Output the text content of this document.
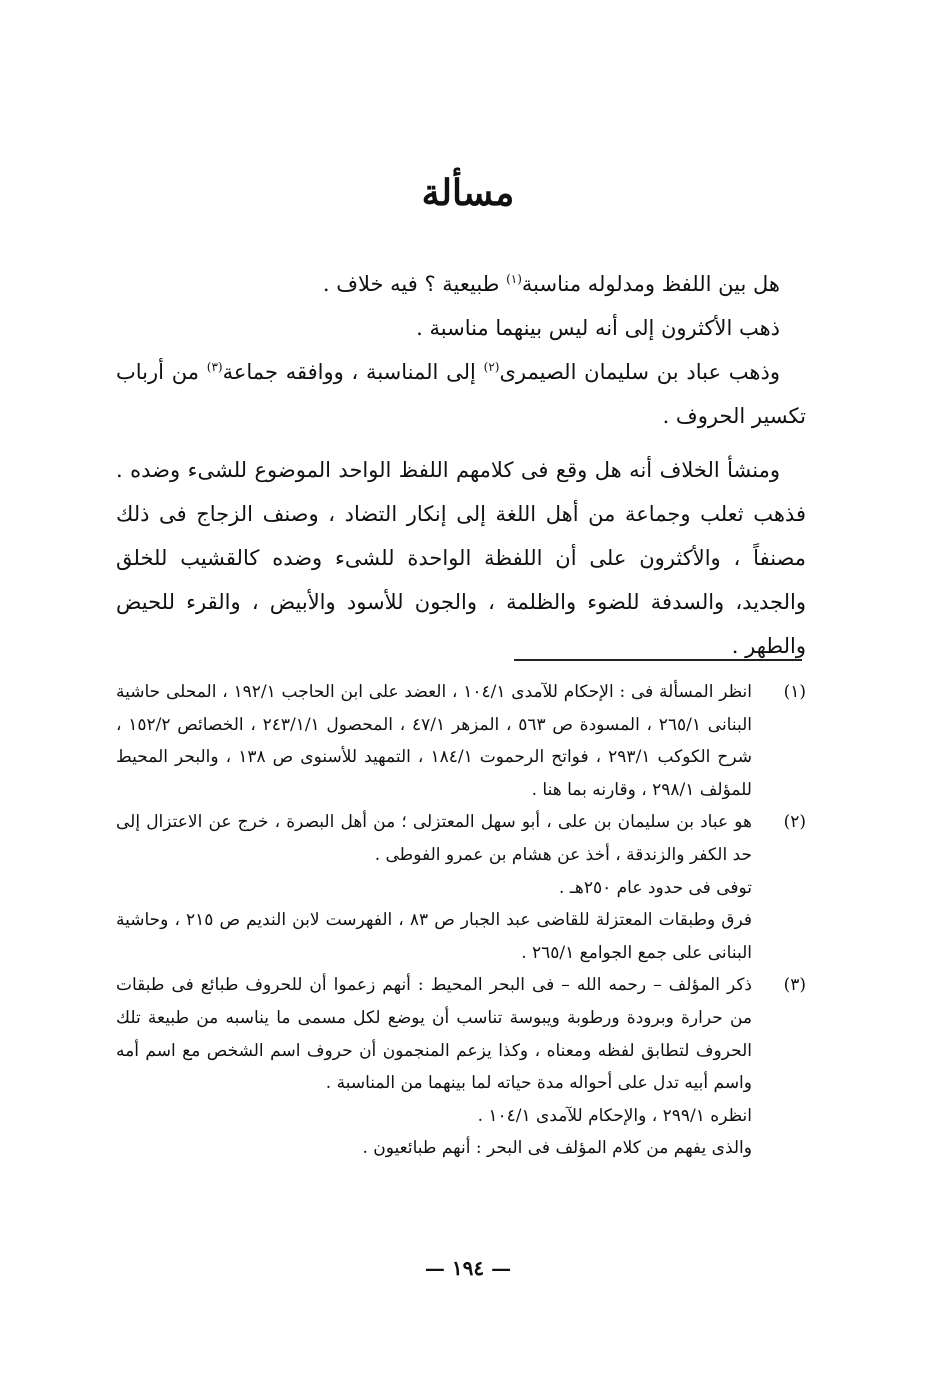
مسألة

هل بين اللفظ ومدلوله مناسبة$^{(١)}$ طبيعية ؟ فيه خلاف .

ذهب الأكثرون إلى أنه ليس بينهما مناسبة .

وذهب عباد بن سليمان الصيمرى$^{(٢)}$ إلى المناسبة ، ووافقه جماعة$^{(٣)}$ من أرباب تكسير الحروف .

ومنشأ الخلاف أنه هل وقع فى كلامهم اللفظ الواحد الموضوع للشىء وضده . فذهب ثعلب وجماعة من أهل اللغة إلى إنكار التضاد ، وصنف الزجاج فى ذلك مصنفاً ، والأكثرون على أن اللفظة الواحدة للشىء وضده كالقشيب للخلق والجديد، والسدفة للضوء والظلمة ، والجون للأسود والأبيض ، والقرء للحيض والطهر .

(١)

انظر المسألة فى : الإحكام للآمدى ١٠٤/١ ، العضد على ابن الحاجب ١٩٢/١ ، المحلى حاشية البنانى ٢٦٥/١ ، المسودة ص ٥٦٣ ، المزهر ٤٧/١ ، المحصول ٢٤٣/١/١ ، الخصائص ١٥٢/٢ ، شرح الكوكب ٢٩٣/١ ، فواتح الرحموت ١٨٤/١ ، التمهيد للأسنوى ص ١٣٨ ، والبحر المحيط للمؤلف ٢٩٨/١ ، وقارنه بما هنا .

(٢)

هو عباد بن سليمان بن على ، أبو سهل المعتزلى ؛ من أهل البصرة ، خرج عن الاعتزال إلى حد الكفر والزندقة ، أخذ عن هشام بن عمرو الفوطى .

توفى فى حدود عام ٢٥٠هـ .

فرق وطبقات المعتزلة للقاضى عبد الجبار ص ٨٣ ، الفهرست لابن النديم ص ٢١٥ ، وحاشية البنانى على جمع الجوامع ٢٦٥/١ .

(٣)

ذكر المؤلف – رحمه الله – فى البحر المحيط : أنهم زعموا أن للحروف طبائع فى طبقات من حرارة وبرودة ورطوبة ويبوسة تناسب أن يوضع لكل مسمى ما يناسبه من طبيعة تلك الحروف لتطابق لفظه ومعناه ، وكذا يزعم المنجمون أن حروف اسم الشخص مع اسم أمه واسم أبيه تدل على أحواله مدة حياته لما بينهما من المناسبة .

انظره ٢٩٩/١ ، والإحكام للآمدى ١٠٤/١ .

والذى يفهم من كلام المؤلف فى البحر : أنهم طبائعيون .

— ١٩٤ —
